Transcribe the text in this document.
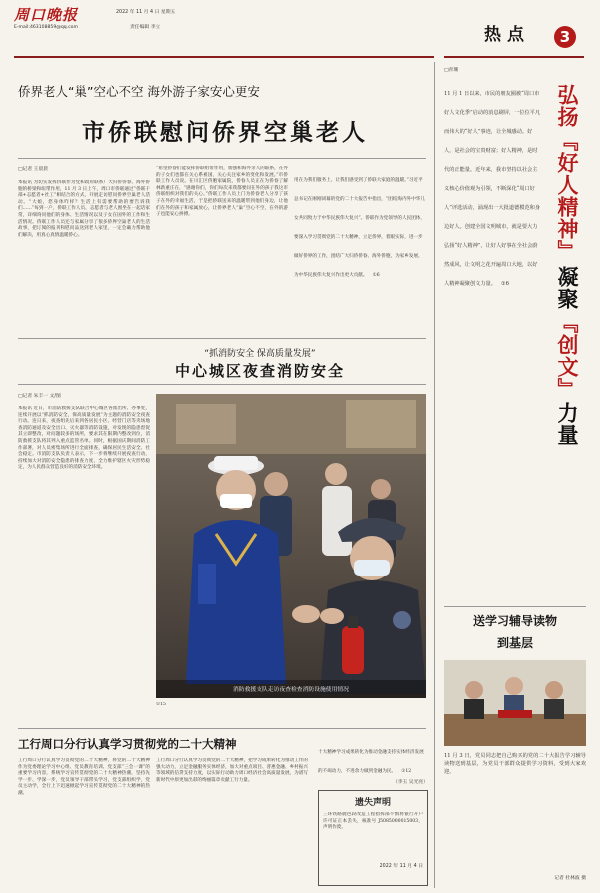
周口晚报	2022 年 11 月 4 日 星期五
E-mail:463108859@qq.com	责任编辑 李立	热点	3
侨界老人“巢”空心不空 海外游子家安心更安
市侨联慰问侨界空巢老人
□记者 王晨晨
本报讯 为切实发挥侨联作为党和政府联系广大归侨侨眷、海外侨胞的桥梁和纽带作用，11 月 3 日上午，周口市侨联通过“侨联干部+志愿者+社工”相结合的方式，开展走访慰问侨界空巢老人活动。“大娘，您身体咋样？生活上有需要帮助的要告诉我们……”每到一户，侨联工作人员、志愿者与老人围坐在一起话家常，详细询问他们的身体、生活情况以及子女在国外的工作和生活情况。侨联工作人员还与家属分享了很多侨界空巢老人的生活故事，把订阅的报刊和慰问品送到老人家里，一定会确力帮助他们解决，用真心真情温暖侨心。
“希望侨眷们能发挥侨联组带作用，加强和海外亲人的联系，在外的子女们也都在关心系祖国，关心关注家乡的变化和发展。”市侨联工作人员说。在川汇区侨胞家属院，侨眷人员正在为侨眷了解林新重庄在，“感谢你们，你们每次来我都要问在外的孩子我这市侨联组织对我们的关心。”侨联工作人员上门为侨眷老人分享了孩子在外的幸福生活，于是把侨联送来的温暖带到他们身边，让他们在外的孩子和家属放心，让侨界老人“巢”空心不空，在外的游子也能安心拼搏。
用在为我们服务上，让我们感受到了侨联大家庭的温暖。”习近平总书记在刚刚闭幕的党的二十大报告中指出，“团结海内外中华儿女共同致力于中华民族伟大复兴”。侨联作为党领导的人民团体，要深入学习贯彻党的二十大精神，立足侨界，着眼实际，进一步做好侨界的工作，团结广大归侨侨眷、海外侨胞，为家乡发展、为中华民族伟大复兴作出更大贡献。 ①6
“抓消防安全 保高质量发展”
中心城区夜查消防安全
□记者 朱丰一 文/图
本报讯 近日，市消防救援支队联合中心城区各派出所、办事处，连续开展以“抓消防安全，保高质量发展”为主题的消防安全夜查行动。连日来，夜查组先后来到各居民小区、经营门店等夹场地查消防通道及安全出口、灭火器等消防设施，对发现的隐患督促其立即整改，对问题较多的场所，要求其在限期内整改到位，消防救援支队将其列入重点监管名单。同时，根据国庆期间消防工作部署，对人员密集场所进行全面排查，确保居民生活安全、社会稳定。市消防支队负责人表示，下一步将继续开展夜查行动，持续加大对消防安全隐患的排查力度，全力维护辖区火灾形势稳定，为人民群众营造良好的消防安全环境。
消防救援支队走访夜查检查消防设施使用情况
①15
工行周口分行认真学习贯彻党的二十大精神
工行周口分行认真学习贯彻党的二十大精神，将党的二十大精神作为党委理论学习中心组、党员教育培训、党支部“三会一课”的重要学习内容，系统学习宣传贯彻党的二十大精神热潮，坚持先学一步、学深一步，党员领导干部带头学习，党支部组织学，党员主动学，全行上下迅速掀起学习宣传贯彻党的二十大精神的热潮。
工行周口分行认真学习贯彻党的二十大精神，把学习成果转化为推动工作的强大动力，立足金融服务实体经济，加大对重点项目、普惠金融、乡村振兴等领域的信贷支持力度，以实际行动助力周口经济社会高质量发展，为谱写新时代中原更加出彩的绚丽篇章贡献工行力量。
十大精神学习成果转化为推动金融支持实体经济发展的不竭动力，不进余力做到金融为民。 ①12
（李玉 吴光亮）
遗失声明
三环铁路鹿邑段改造工程指挥部不慎将银行开户许可证正本丢失，核准号 J5085000015003，声明作废。
2022 年 11 月 4 日
□青珊
弘扬
『好人精神』
凝聚
『创文』
力量
11 月 1 日以来，市民的朋友圈被“周口市好人文化季”启动的消息刷屏，一位位平凡而伟大的“好人”事迹，让全城感动。好人，是社会的宝贵财富；好人精神，是时代的正能量。近年来，我市坚持以社会主义核心价值观为引领，不断深化“周口好人”评选活动，涌现出一大批道德模范和身边好人。创建全国文明城市，就是要大力弘扬“好人精神”，让好人好事在全社会蔚然成风，让文明之花开遍周口大地，以好人精神凝聚创文力量。 ①6
送学习辅导读物
到基层
11 月 3 日，党员同志把自己购买的党的二十大报告学习辅导读物送到基层，为党员干部群众提供学习资料，受到大家欢迎。
记者 杜林波 摄
